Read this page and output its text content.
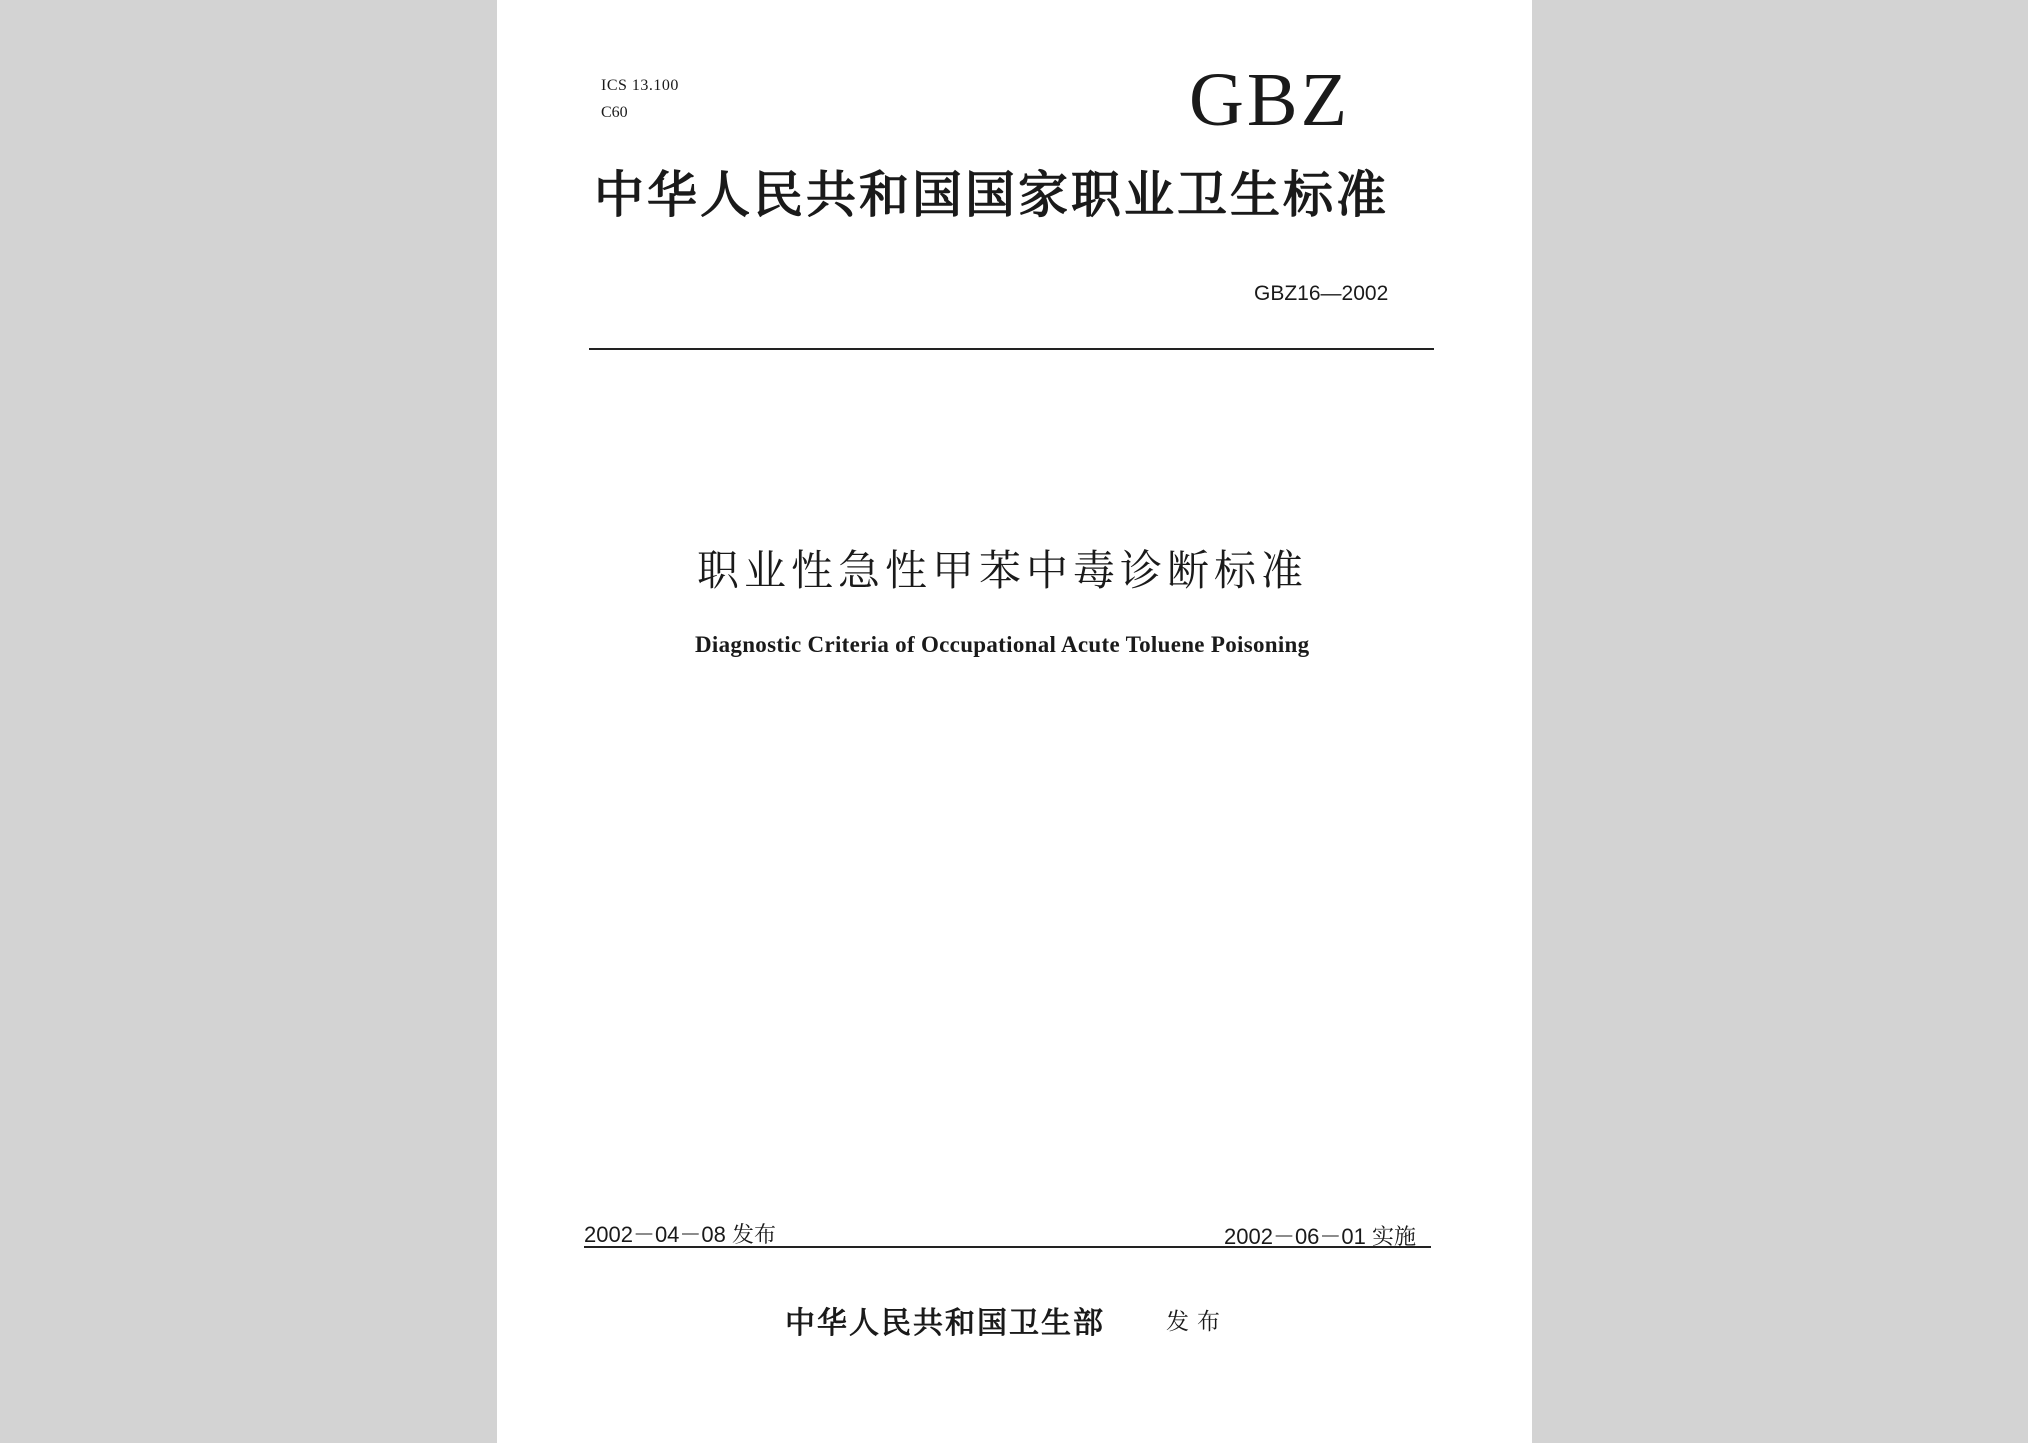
ICS 13.100
C60	GBZ
中华人民共和国国家职业卫生标准
GBZ16—2002
职业性急性甲苯中毒诊断标准
Diagnostic Criteria of Occupational Acute Toluene Poisoning
2002－04－08 发布	2002－06－01 实施
中华人民共和国卫生部	发布
